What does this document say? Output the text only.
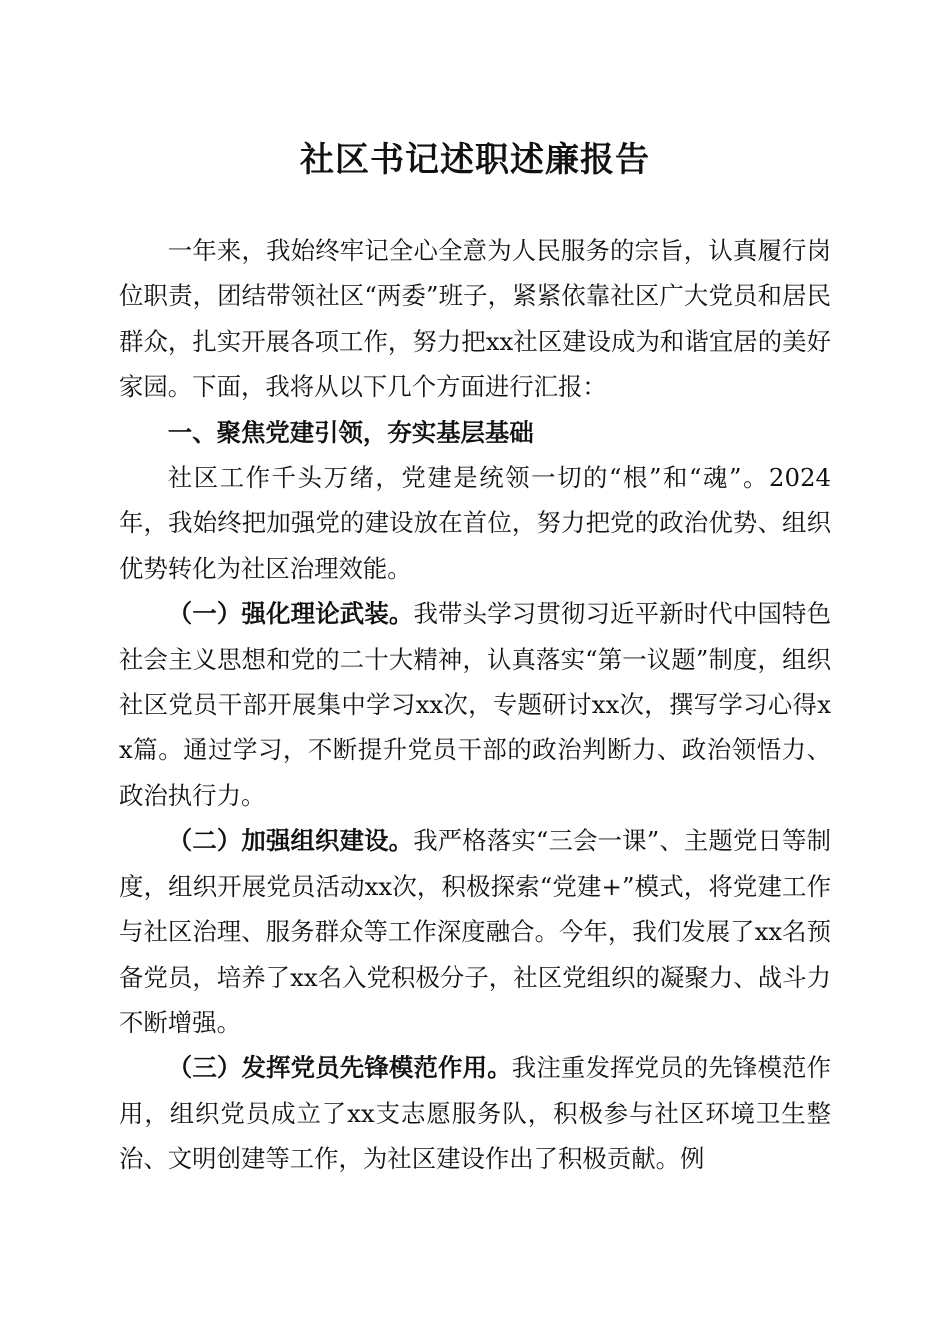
社区书记述职述廉报告

一年来，我始终牢记全心全意为人民服务的宗旨，认真履行岗位职责，团结带领社区“两委”班子，紧紧依靠社区广大党员和居民群众，扎实开展各项工作，努力把xx社区建设成为和谐宜居的美好家园。下面，我将从以下几个方面进行汇报：

一、聚焦党建引领，夯实基层基础

社区工作千头万绪，党建是统领一切的“根”和“魂”。2024年，我始终把加强党的建设放在首位，努力把党的政治优势、组织优势转化为社区治理效能。

（一）强化理论武装。我带头学习贯彻习近平新时代中国特色社会主义思想和党的二十大精神，认真落实“第一议题”制度，组织社区党员干部开展集中学习xx次，专题研讨xx次，撰写学习心得xx篇。通过学习，不断提升党员干部的政治判断力、政治领悟力、政治执行力。

（二）加强组织建设。我严格落实“三会一课”、主题党日等制度，组织开展党员活动xx次，积极探索“党建+”模式，将党建工作与社区治理、服务群众等工作深度融合。今年，我们发展了xx名预备党员，培养了xx名入党积极分子，社区党组织的凝聚力、战斗力不断增强。

（三）发挥党员先锋模范作用。我注重发挥党员的先锋模范作用，组织党员成立了xx支志愿服务队，积极参与社区环境卫生整治、文明创建等工作，为社区建设作出了积极贡献。例
